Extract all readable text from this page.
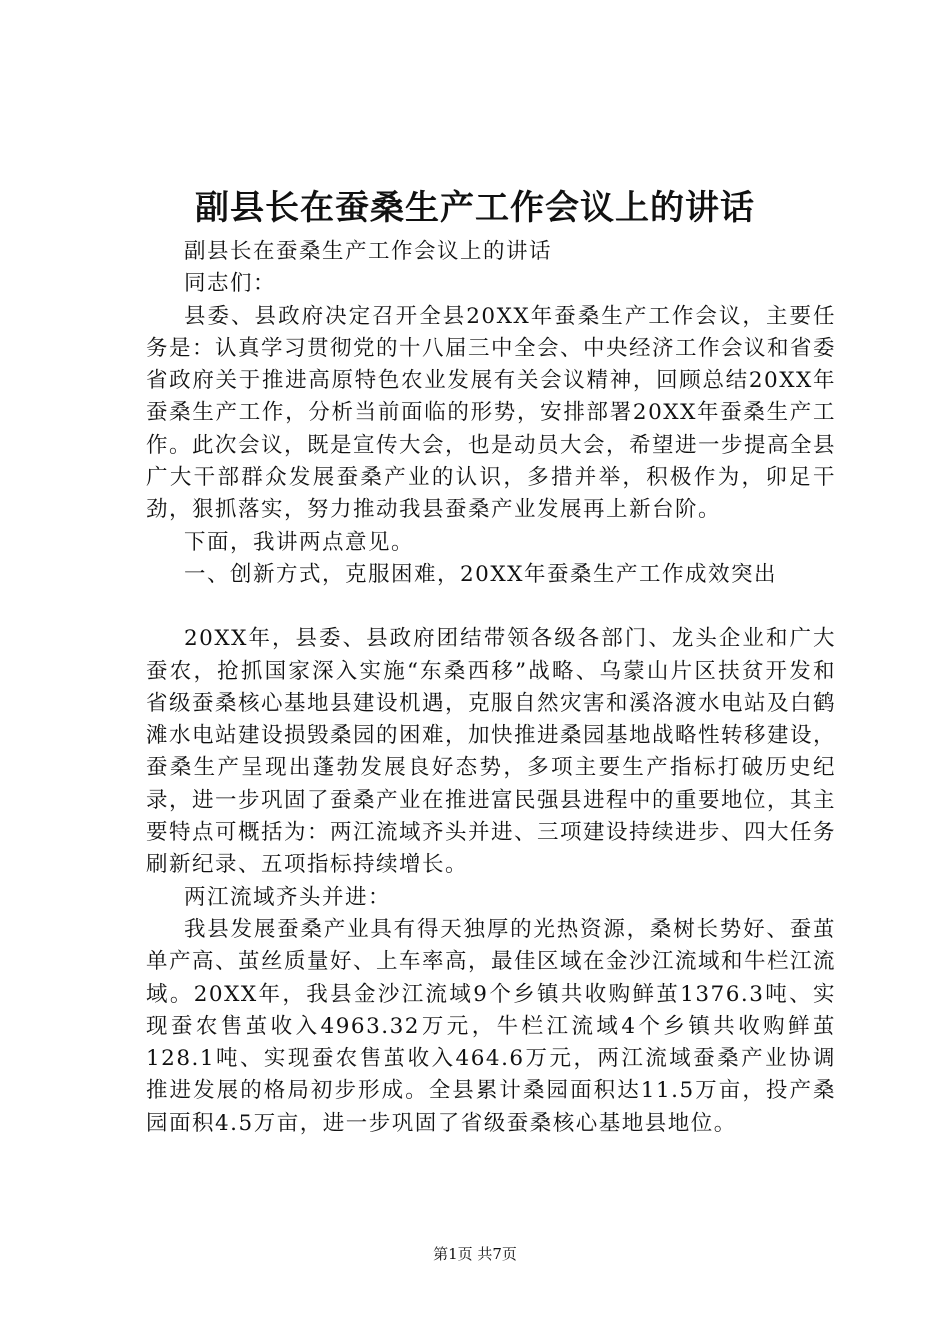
副县长在蚕桑生产工作会议上的讲话

副县长在蚕桑生产工作会议上的讲话

同志们：

县委、县政府决定召开全县20XX年蚕桑生产工作会议，主要任务是：认真学习贯彻党的十八届三中全会、中央经济工作会议和省委省政府关于推进高原特色农业发展有关会议精神，回顾总结20XX年蚕桑生产工作，分析当前面临的形势，安排部署20XX年蚕桑生产工作。此次会议，既是宣传大会，也是动员大会，希望进一步提高全县广大干部群众发展蚕桑产业的认识，多措并举，积极作为，卯足干劲，狠抓落实，努力推动我县蚕桑产业发展再上新台阶。

下面，我讲两点意见。

一、创新方式，克服困难，20XX年蚕桑生产工作成效突出

20XX年，县委、县政府团结带领各级各部门、龙头企业和广大蚕农，抢抓国家深入实施“东桑西移”战略、乌蒙山片区扶贫开发和省级蚕桑核心基地县建设机遇，克服自然灾害和溪洛渡水电站及白鹤滩水电站建设损毁桑园的困难，加快推进桑园基地战略性转移建设，蚕桑生产呈现出蓬勃发展良好态势，多项主要生产指标打破历史纪录，进一步巩固了蚕桑产业在推进富民强县进程中的重要地位，其主要特点可概括为：两江流域齐头并进、三项建设持续进步、四大任务刷新纪录、五项指标持续增长。

两江流域齐头并进：

我县发展蚕桑产业具有得天独厚的光热资源，桑树长势好、蚕茧单产高、茧丝质量好、上车率高，最佳区域在金沙江流域和牛栏江流域。20XX年，我县金沙江流域9个乡镇共收购鲜茧1376.3吨、实现蚕农售茧收入4963.32万元，牛栏江流域4个乡镇共收购鲜茧128.1吨、实现蚕农售茧收入464.6万元，两江流域蚕桑产业协调推进发展的格局初步形成。全县累计桑园面积达11.5万亩，投产桑园面积4.5万亩，进一步巩固了省级蚕桑核心基地县地位。

第1页 共7页
